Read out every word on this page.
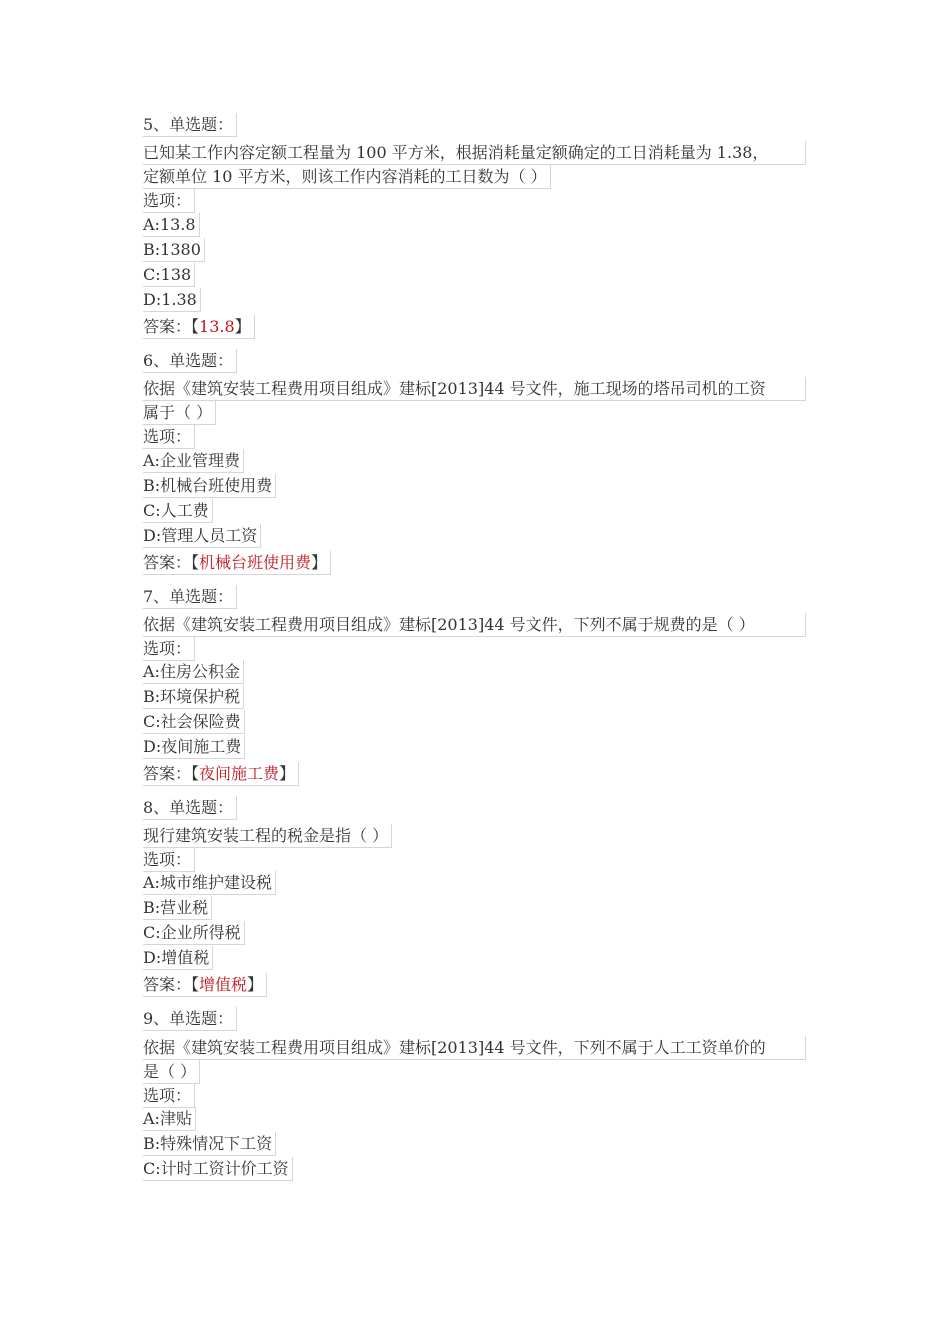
5、单选题：
已知某工作内容定额工程量为 100 平方米，根据消耗量定额确定的工日消耗量为 1.38，
定额单位 10 平方米，则该工作内容消耗的工日数为（ ）
选项：
A:13.8
B:1380
C:138
D:1.38
答案：【13.8】
6、单选题：
依据《建筑安装工程费用项目组成》建标[2013]44 号文件，施工现场的塔吊司机的工资
属于（ ）
选项：
A:企业管理费
B:机械台班使用费
C:人工费
D:管理人员工资
答案：【机械台班使用费】
7、单选题：
依据《建筑安装工程费用项目组成》建标[2013]44 号文件，下列不属于规费的是（ ）
选项：
A:住房公积金
B:环境保护税
C:社会保险费
D:夜间施工费
答案：【夜间施工费】
8、单选题：
现行建筑安装工程的税金是指（ ）
选项：
A:城市维护建设税
B:营业税
C:企业所得税
D:增值税
答案：【增值税】
9、单选题：
依据《建筑安装工程费用项目组成》建标[2013]44 号文件，下列不属于人工工资单价的
是（ ）
选项：
A:津贴
B:特殊情况下工资
C:计时工资计价工资
